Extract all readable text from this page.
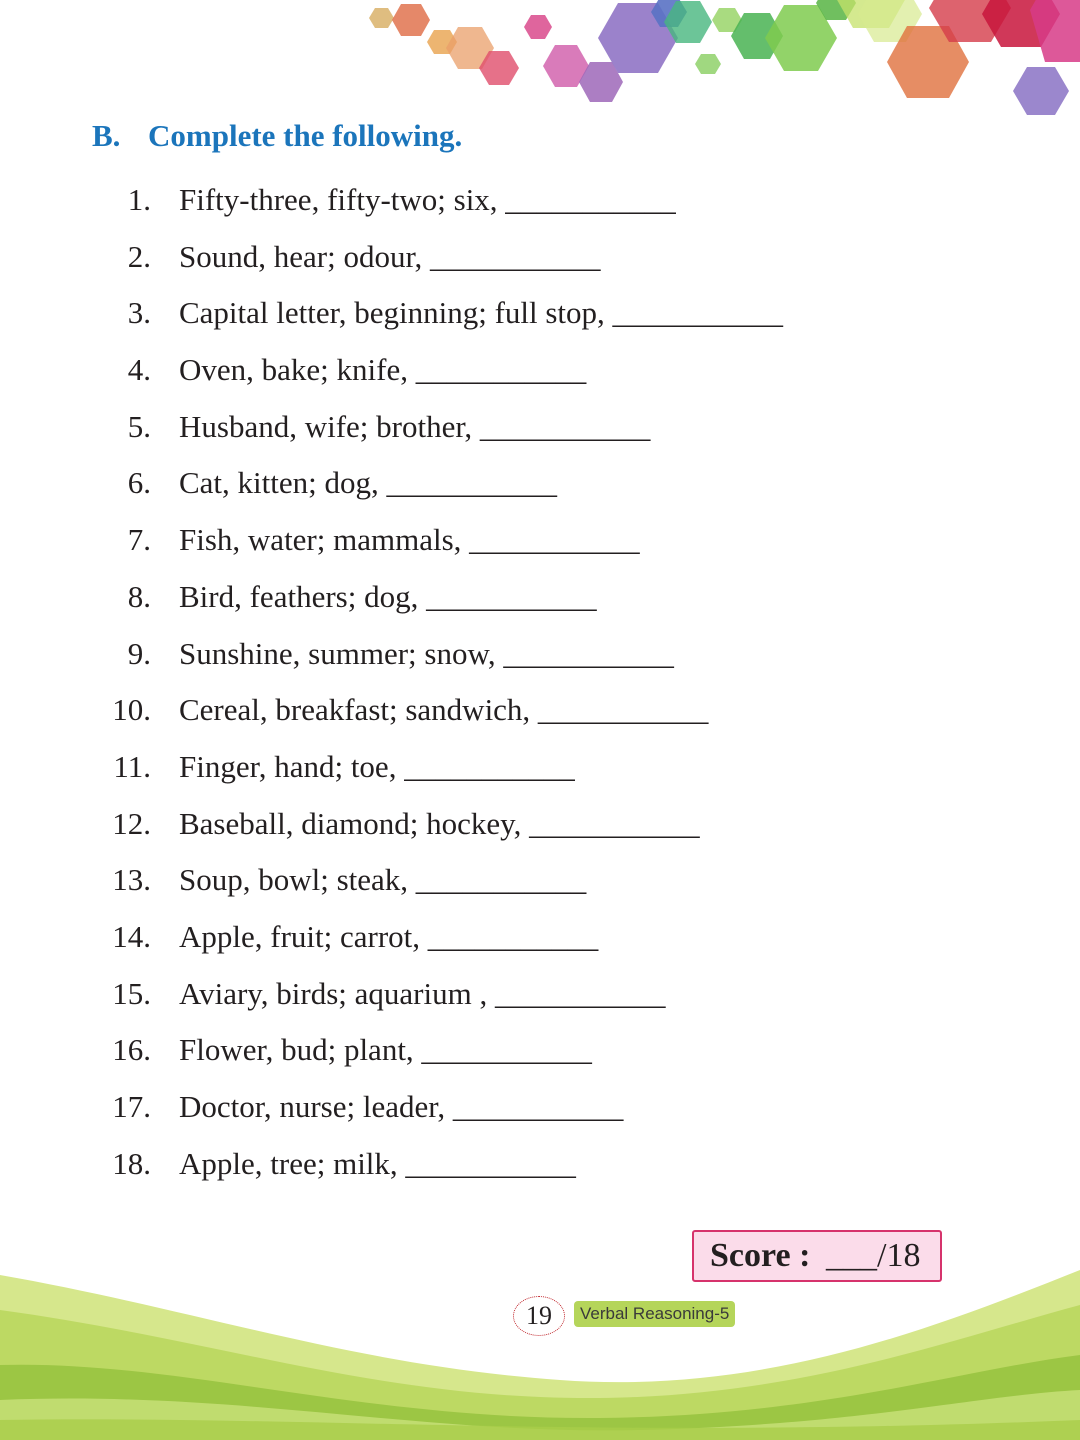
B. Complete the following.
1. Fifty-three, fifty-two; six, ___________
2. Sound, hear; odour, ___________
3. Capital letter, beginning; full stop, ___________
4. Oven, bake; knife, ___________
5. Husband, wife; brother, ___________
6. Cat, kitten; dog, ___________
7. Fish, water; mammals, ___________
8. Bird, feathers; dog, ___________
9. Sunshine, summer; snow, ___________
10. Cereal, breakfast; sandwich, ___________
11. Finger, hand; toe, ___________
12. Baseball, diamond; hockey, ___________
13. Soup, bowl; steak, ___________
14. Apple, fruit; carrot, ___________
15. Aviary, birds; aquarium , ___________
16. Flower, bud; plant, ___________
17. Doctor, nurse; leader, ___________
18. Apple, tree; milk, ___________
Score : ___/18
19	Verbal Reasoning-5
